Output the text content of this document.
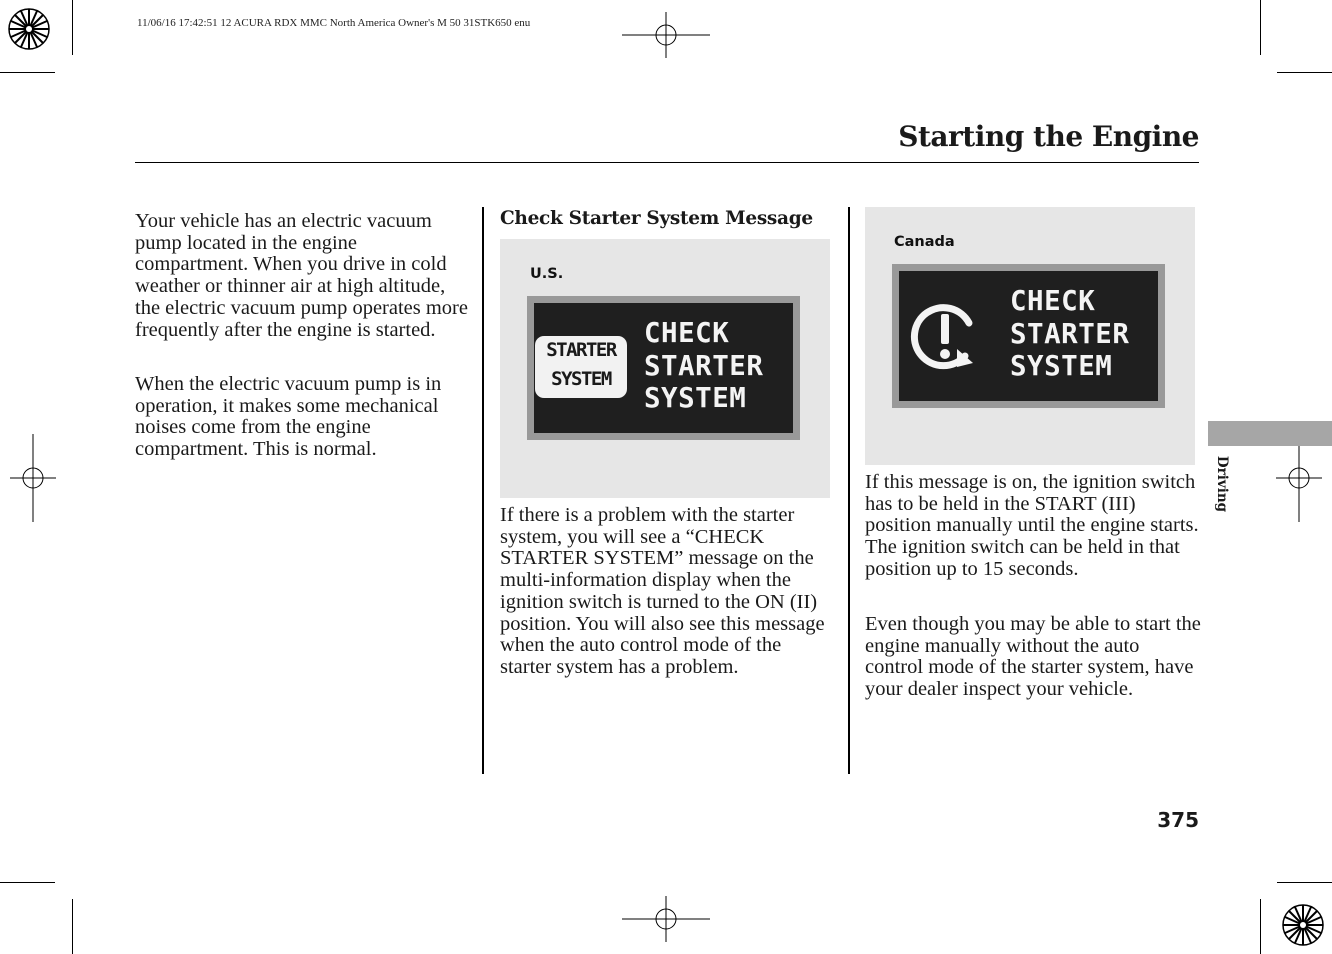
11/06/16 17:42:51 12 ACURA RDX MMC North America Owner's M 50 31STK650 enu
Starting the Engine

Your vehicle has an electric vacuum pump located in the engine compartment. When you drive in cold weather or thinner air at high altitude, the electric vacuum pump operates more frequently after the engine is started.

When the electric vacuum pump is in operation, it makes some mechanical noises come from the engine compartment. This is normal.

Check Starter System Message
U.S.
STARTER
SYSTEM
CHECK
STARTER
SYSTEM

If there is a problem with the starter system, you will see a “CHECK STARTER SYSTEM” message on the multi-information display when the ignition switch is turned to the ON (II) position. You will also see this message when the auto control mode of the starter system has a problem.

Canada
CHECK
STARTER
SYSTEM

If this message is on, the ignition switch has to be held in the START (III) position manually until the engine starts. The ignition switch can be held in that position up to 15 seconds.

Even though you may be able to start the engine manually without the auto control mode of the starter system, have your dealer inspect your vehicle.

Driving
375
